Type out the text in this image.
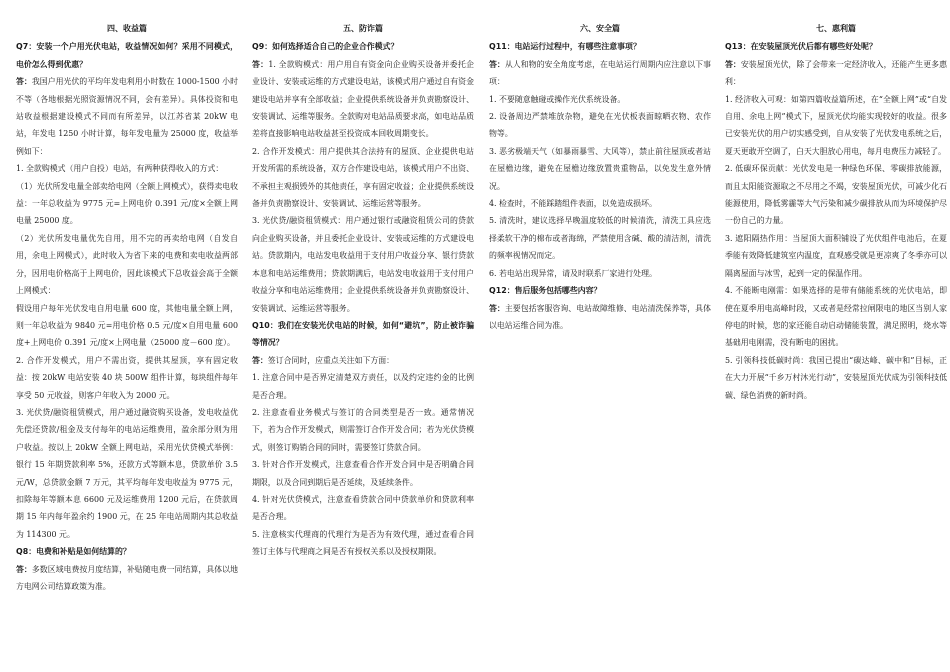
四、收益篇

Q7：安装一个户用光伏电站，收益情况如何？采用不同模式，电价怎么得到优惠？

答：我国户用光伏的平均年发电利用小时数在 1000-1500 小时不等（各地根据光照资源情况不同，会有差异）。具体投资和电站收益根据建设模式不同而有所差异，以江苏省某 20kW 电站，年发电 1250 小时计算，每年发电量为 25000 度，收益举例如下：

1. 全款购模式（用户自投）电站，有两种获得收入的方式：

（1）光伏所发电量全部卖给电网（全额上网模式），获得卖电收益：一年总收益为 9775 元=上网电价 0.391 元/度×全额上网电量 25000 度。

（2）光伏所发电量优先自用，用不完的再卖给电网（自发自用，余电上网模式），此时收入为省下来的电费和卖电收益两部分，因用电价格高于上网电价，因此该模式下总收益会高于全额上网模式：

假设用户每年光伏发电自用电量 600 度，其他电量全额上网，则一年总收益为 9840 元=用电价格 0.5 元/度×自用电量 600 度+上网电价 0.391 元/度×上网电量（25000 度－600 度）。

2. 合作开发模式，用户不需出资，提供其屋顶，享有固定收益：按 20kW 电站安装 40 块 500W 组件计算，每块组件每年享受 50 元收益，则客户年收入为 2000 元。

3. 光伏贷/融资租赁模式，用户通过融资购买设备，发电收益优先偿还贷款/租金及支付每年的电站运维费用，盈余部分则为用户收益。按以上 20kW 全额上网电站，采用光伏贷模式举例：银行 15 年期贷款利率 5%，还款方式等额本息，贷款单价 3.5 元/W，总贷款金额 7 万元，其平均每年发电收益为 9775 元，扣除每年等额本息 6600 元及运维费用 1200 元后，在贷款周期 15 年内每年盈余约 1900 元，在 25 年电站周期内其总收益为 114300 元。

Q8：电费和补贴是如何结算的？

答：多数区域电费按月度结算，补贴随电费一同结算，具体以地方电网公司结算政策为准。

五、防诈篇

Q9：如何选择适合自己的企业合作模式？

答：1. 全款购模式：用户用自有资金向企业购买设备并委托企业设计、安装或运维的方式建设电站，该模式用户通过自有资金建设电站并享有全部收益；企业提供系统设备并负责勘察设计、安装调试、运维等服务。全款购对电站品质要求高，如电站品质差将直接影响电站收益甚至投资成本回收周期变长。

2. 合作开发模式：用户提供其合法持有的屋顶、企业提供电站开发所需的系统设备，双方合作建设电站，该模式用户不出资、不承担主观损毁外的其他责任，享有固定收益；企业提供系统设备并负责勘察设计、安装调试、运维运营等服务。

3. 光伏贷/融资租赁模式：用户通过银行或融资租赁公司的贷款向企业购买设备，并且委托企业设计、安装或运维的方式建设电站。贷款期内，电站发电收益用于支付用户收益分享、银行贷款本息和电站运维费用；贷款期满后，电站发电收益用于支付用户收益分享和电站运维费用；企业提供系统设备并负责勘察设计、安装调试、运维运营等服务。

Q10：我们在安装光伏电站的时候，如何“避坑”，防止被诈骗等情况？

答：签订合同时，应重点关注如下方面：

1. 注意合同中是否界定清楚双方责任，以及约定违约金的比例是否合理。

2. 注意查看业务模式与签订的合同类型是否一致。通常情况下，若为合作开发模式，则需签订合作开发合同；若为光伏贷模式，则签订购销合同的同时，需要签订贷款合同。

3. 针对合作开发模式，注意查看合作开发合同中是否明确合同期限，以及合同到期后是否延续，及延续条件。

4. 针对光伏贷模式，注意查看贷款合同中贷款单价和贷款利率是否合理。

5. 注意核实代理商的代理行为是否为有效代理，通过查看合同签订主体与代理商之间是否有授权关系以及授权期限。

六、安全篇

Q11：电站运行过程中，有哪些注意事项？

答：从人和物的安全角度考虑，在电站运行周期内应注意以下事项：

1. 不要随意触碰或操作光伏系统设备。

2. 设备周边严禁堆放杂物，避免在光伏板表面晾晒衣物、农作物等。

3. 恶劣极端天气（如暴雨暴雪、大风等），禁止前往屋顶或者站在屋檐边缘，避免在屋檐边缘放置贵重物品，以免发生意外情况。

4. 检查时，不能踩踏组件表面，以免造成损坏。

5. 清洗时，建议选择早晚温度较低的时候清洗，清洗工具应选择柔软干净的棉布或者海绵，严禁使用含碱、酸的清洁剂，清洗的频率视情况而定。

6. 若电站出现异常，请及时联系厂家进行处理。

Q12：售后服务包括哪些内容？

答：主要包括客服咨询、电站故障维修、电站清洗保养等，具体以电站运维合同为准。

七、惠利篇

Q13：在安装屋顶光伏后都有哪些好处呢？

答：安装屋顶光伏，除了会带来一定经济收入，还能产生更多惠利：

1. 经济收入可观：如第四篇收益篇所述，在“全额上网”或“自发自用、余电上网”模式下，屋顶光伏均能实现较好的收益。很多已安装光伏的用户切实感受到，自从安装了光伏发电系统之后，夏天更敢开空调了，白天大胆放心用电，每月电费压力减轻了。

2. 低碳环保贡献：光伏发电是一种绿色环保、零碳排放能源，而且太阳能资源取之不尽用之不竭，安装屋顶光伏，可减少化石能源使用，降低雾霾等大气污染和减少碳排放从而为环境保护尽一份自己的力量。

3. 遮阳隔热作用：当屋顶大面积铺设了光伏组件电池后，在夏季能有效降低建筑室内温度，直观感受就是更凉爽了冬季亦可以隔离屋面与冰雪，起到一定的保温作用。

4. 不能断电刚需：如果选择的是带有储能系统的光伏电站，即使在夏季用电高峰时段，又或者是经常拉闸限电的地区当别人家停电的时候，您的家还能自动启动储能装置，满足照明，烧水等基础用电刚需，没有断电的困扰。

5. 引领科技低碳时尚：我国已提出“碳达峰、碳中和”目标，正在大力开展“千乡万村沐光行动”，安装屋顶光伏成为引领科技低碳、绿色消费的新时尚。
